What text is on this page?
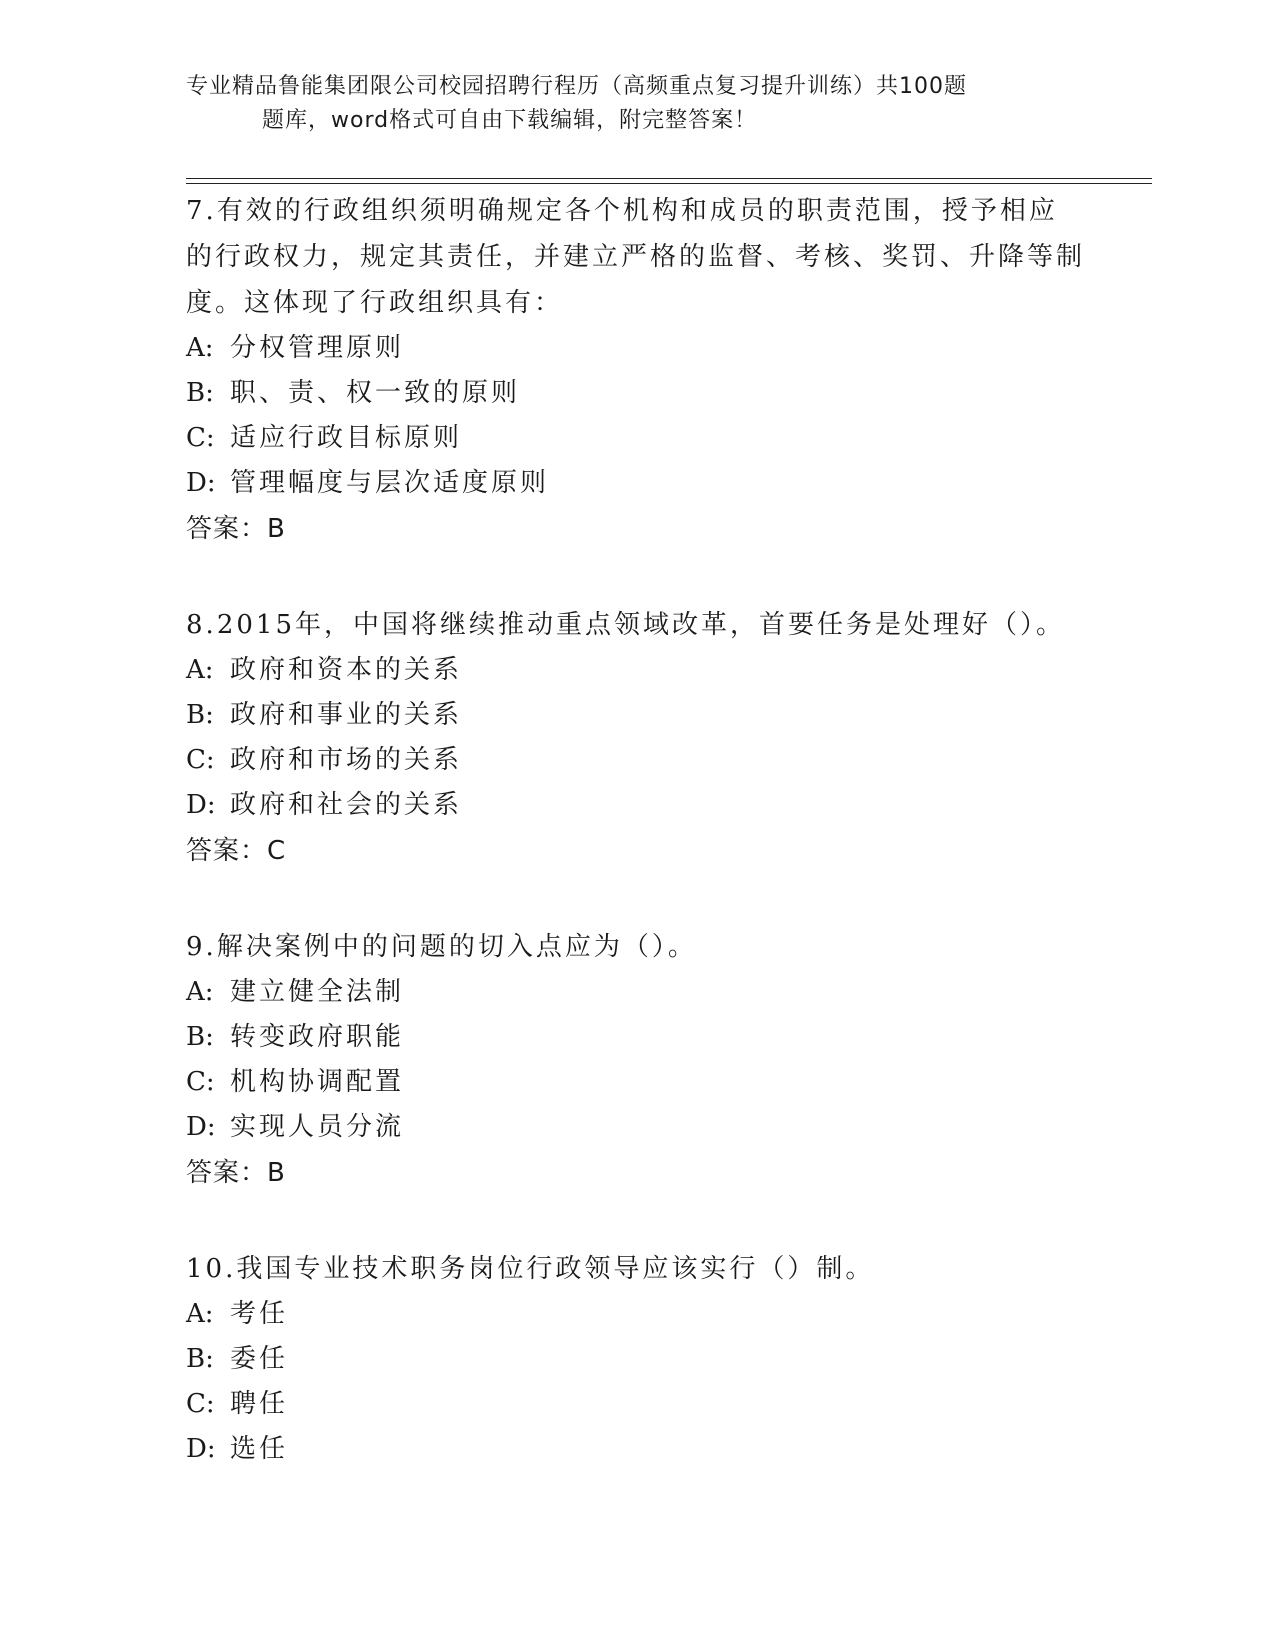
专业精品鲁能集团限公司校园招聘行程历（高频重点复习提升训练）共100题
题库，word格式可自由下载编辑，附完整答案！

7.有效的行政组织须明确规定各个机构和成员的职责范围，授予相应的行政权力，规定其责任，并建立严格的监督、考核、奖罚、升降等制度。这体现了行政组织具有：

A: 分权管理原则

B: 职、责、权一致的原则

C: 适应行政目标原则

D: 管理幅度与层次适度原则

答案：B

8.2015年，中国将继续推动重点领域改革，首要任务是处理好（）。

A: 政府和资本的关系

B: 政府和事业的关系

C: 政府和市场的关系

D: 政府和社会的关系

答案：C

9.解决案例中的问题的切入点应为（）。

A: 建立健全法制

B: 转变政府职能

C: 机构协调配置

D: 实现人员分流

答案：B

10.我国专业技术职务岗位行政领导应该实行（）制。

A: 考任

B: 委任

C: 聘任

D: 选任
